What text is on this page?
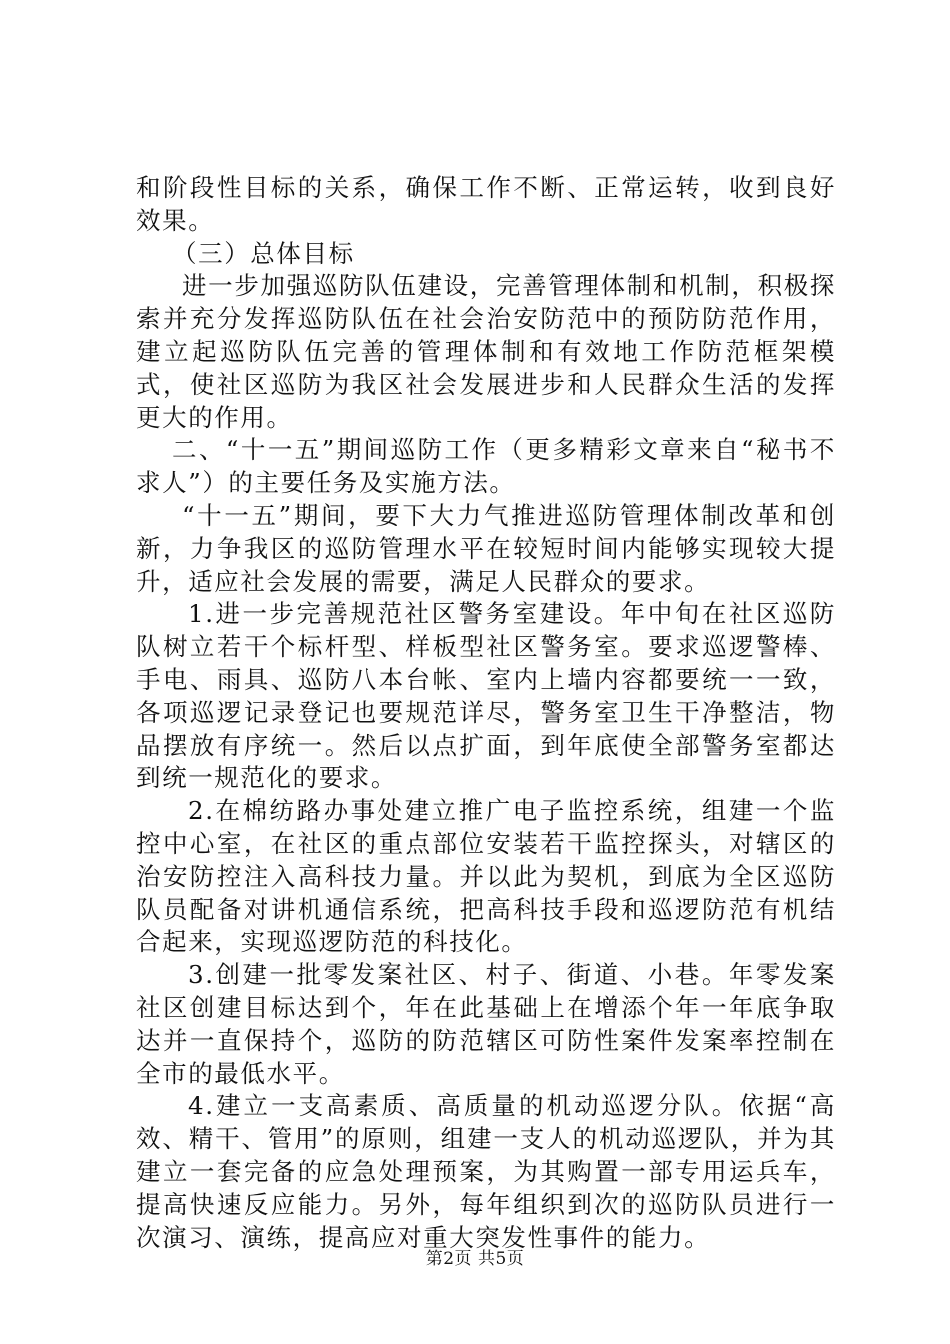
和阶段性目标的关系，确保工作不断、正常运转，收到良好效果。

（三）总体目标

进一步加强巡防队伍建设，完善管理体制和机制，积极探索并充分发挥巡防队伍在社会治安防范中的预防防范作用，建立起巡防队伍完善的管理体制和有效地工作防范框架模式，使社区巡防为我区社会发展进步和人民群众生活的发挥更大的作用。

二、“十一五”期间巡防工作（更多精彩文章来自“秘书不求人”）的主要任务及实施方法。

“十一五”期间，要下大力气推进巡防管理体制改革和创新，力争我区的巡防管理水平在较短时间内能够实现较大提升，适应社会发展的需要，满足人民群众的要求。

1.进一步完善规范社区警务室建设。年中旬在社区巡防队树立若干个标杆型、样板型社区警务室。要求巡逻警棒、手电、雨具、巡防八本台帐、室内上墙内容都要统一一致，各项巡逻记录登记也要规范详尽，警务室卫生干净整洁，物品摆放有序统一。然后以点扩面，到年底使全部警务室都达到统一规范化的要求。

2.在棉纺路办事处建立推广电子监控系统，组建一个监控中心室，在社区的重点部位安装若干监控探头，对辖区的治安防控注入高科技力量。并以此为契机，到底为全区巡防队员配备对讲机通信系统，把高科技手段和巡逻防范有机结合起来，实现巡逻防范的科技化。

3.创建一批零发案社区、村子、街道、小巷。年零发案社区创建目标达到个，年在此基础上在增添个年一年底争取达并一直保持个，巡防的防范辖区可防性案件发案率控制在全市的最低水平。

4.建立一支高素质、高质量的机动巡逻分队。依据“高效、精干、管用”的原则，组建一支人的机动巡逻队，并为其建立一套完备的应急处理预案，为其购置一部专用运兵车，提高快速反应能力。另外，每年组织到次的巡防队员进行一次演习、演练，提高应对重大突发性事件的能力。

第2页 共5页
